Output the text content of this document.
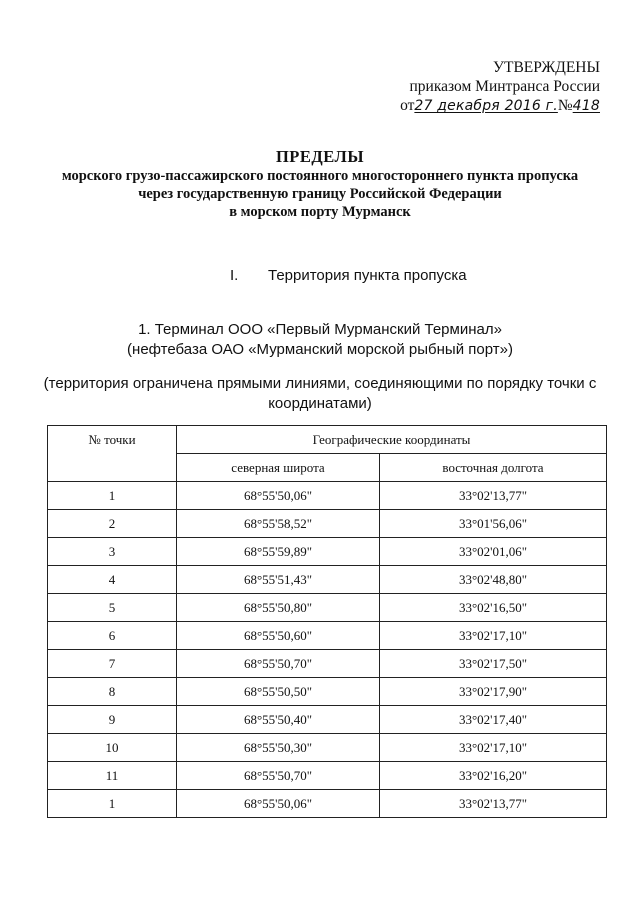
УТВЕРЖДЕНЫ
приказом Минтранса России
от 27 декабря 2016 г. № 418
ПРЕДЕЛЫ
морского грузо-пассажирского постоянного многостороннего пункта пропуска
через государственную границу Российской Федерации
в морском порту Мурманск
I. Территория пункта пропуска
1. Терминал ООО «Первый Мурманский Терминал»
(нефтебаза ОАО «Мурманский морской рыбный порт»)
(территория ограничена прямыми линиями, соединяющими по порядку точки с координатами)
№ точки	Географические координаты	
	северная широта	восточная долгота
1	68°55'50,06"	33°02'13,77"
2	68°55'58,52"	33°01'56,06"
3	68°55'59,89"	33°02'01,06"
4	68°55'51,43"	33°02'48,80"
5	68°55'50,80"	33°02'16,50"
6	68°55'50,60"	33°02'17,10"
7	68°55'50,70"	33°02'17,50"
8	68°55'50,50"	33°02'17,90"
9	68°55'50,40"	33°02'17,40"
10	68°55'50,30"	33°02'17,10"
11	68°55'50,70"	33°02'16,20"
1	68°55'50,06"	33°02'13,77"
